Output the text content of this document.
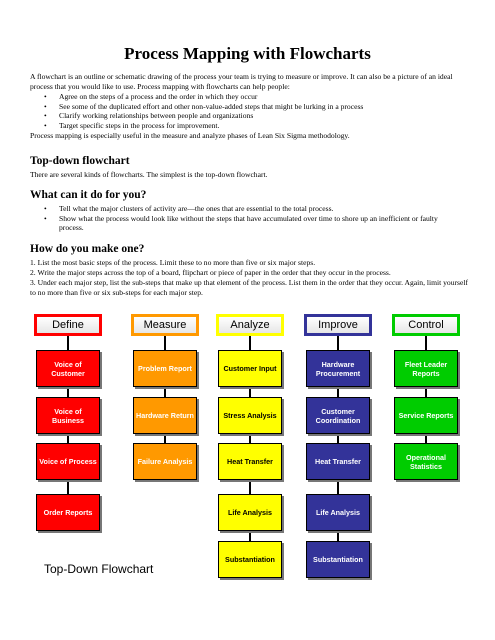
Process Mapping with Flowcharts

A flowchart is an outline or schematic drawing of the process your team is trying to measure or improve. It can also be a picture of an ideal process that you would like to use. Process mapping with flowcharts can help people:

• Agree on the steps of a process and the order in which they occur
• See some of the duplicated effort and other non-value-added steps that might be lurking in a process
• Clarify working relationships between people and organizations
• Target specific steps in the process for improvement.

Process mapping is especially useful in the measure and analyze phases of Lean Six Sigma methodology.

Top-down flowchart

There are several kinds of flowcharts. The simplest is the top-down flowchart.

What can it do for you?
• Tell what the major clusters of activity are—the ones that are essential to the total process.
• Show what the process would look like without the steps that have accumulated over time to shore up an inefficient or faulty process.
How do you make one?

1. List the most basic steps of the process. Limit these to no more than five or six major steps.

2. Write the major steps across the top of a board, flipchart or piece of paper in the order that they occur in the process.

3. Under each major step, list the sub-steps that make up that element of the process. List them in the order that they occur. Again, limit yourself to no more than five or six sub-steps for each major step.

Define
Voice of Customer
Voice of Business
Voice of Process
Order Reports
Measure
Problem Report
Hardware Return
Failure Analysis
Analyze
Customer Input
Stress Analysis
Heat Transfer
Life Analysis
Substantiation
Improve
Hardware Procurement
Customer Coordination
Heat Transfer
Life Analysis
Substantiation
Control
Fleet Leader Reports
Service Reports
Operational Statistics
Top-Down Flowchart
